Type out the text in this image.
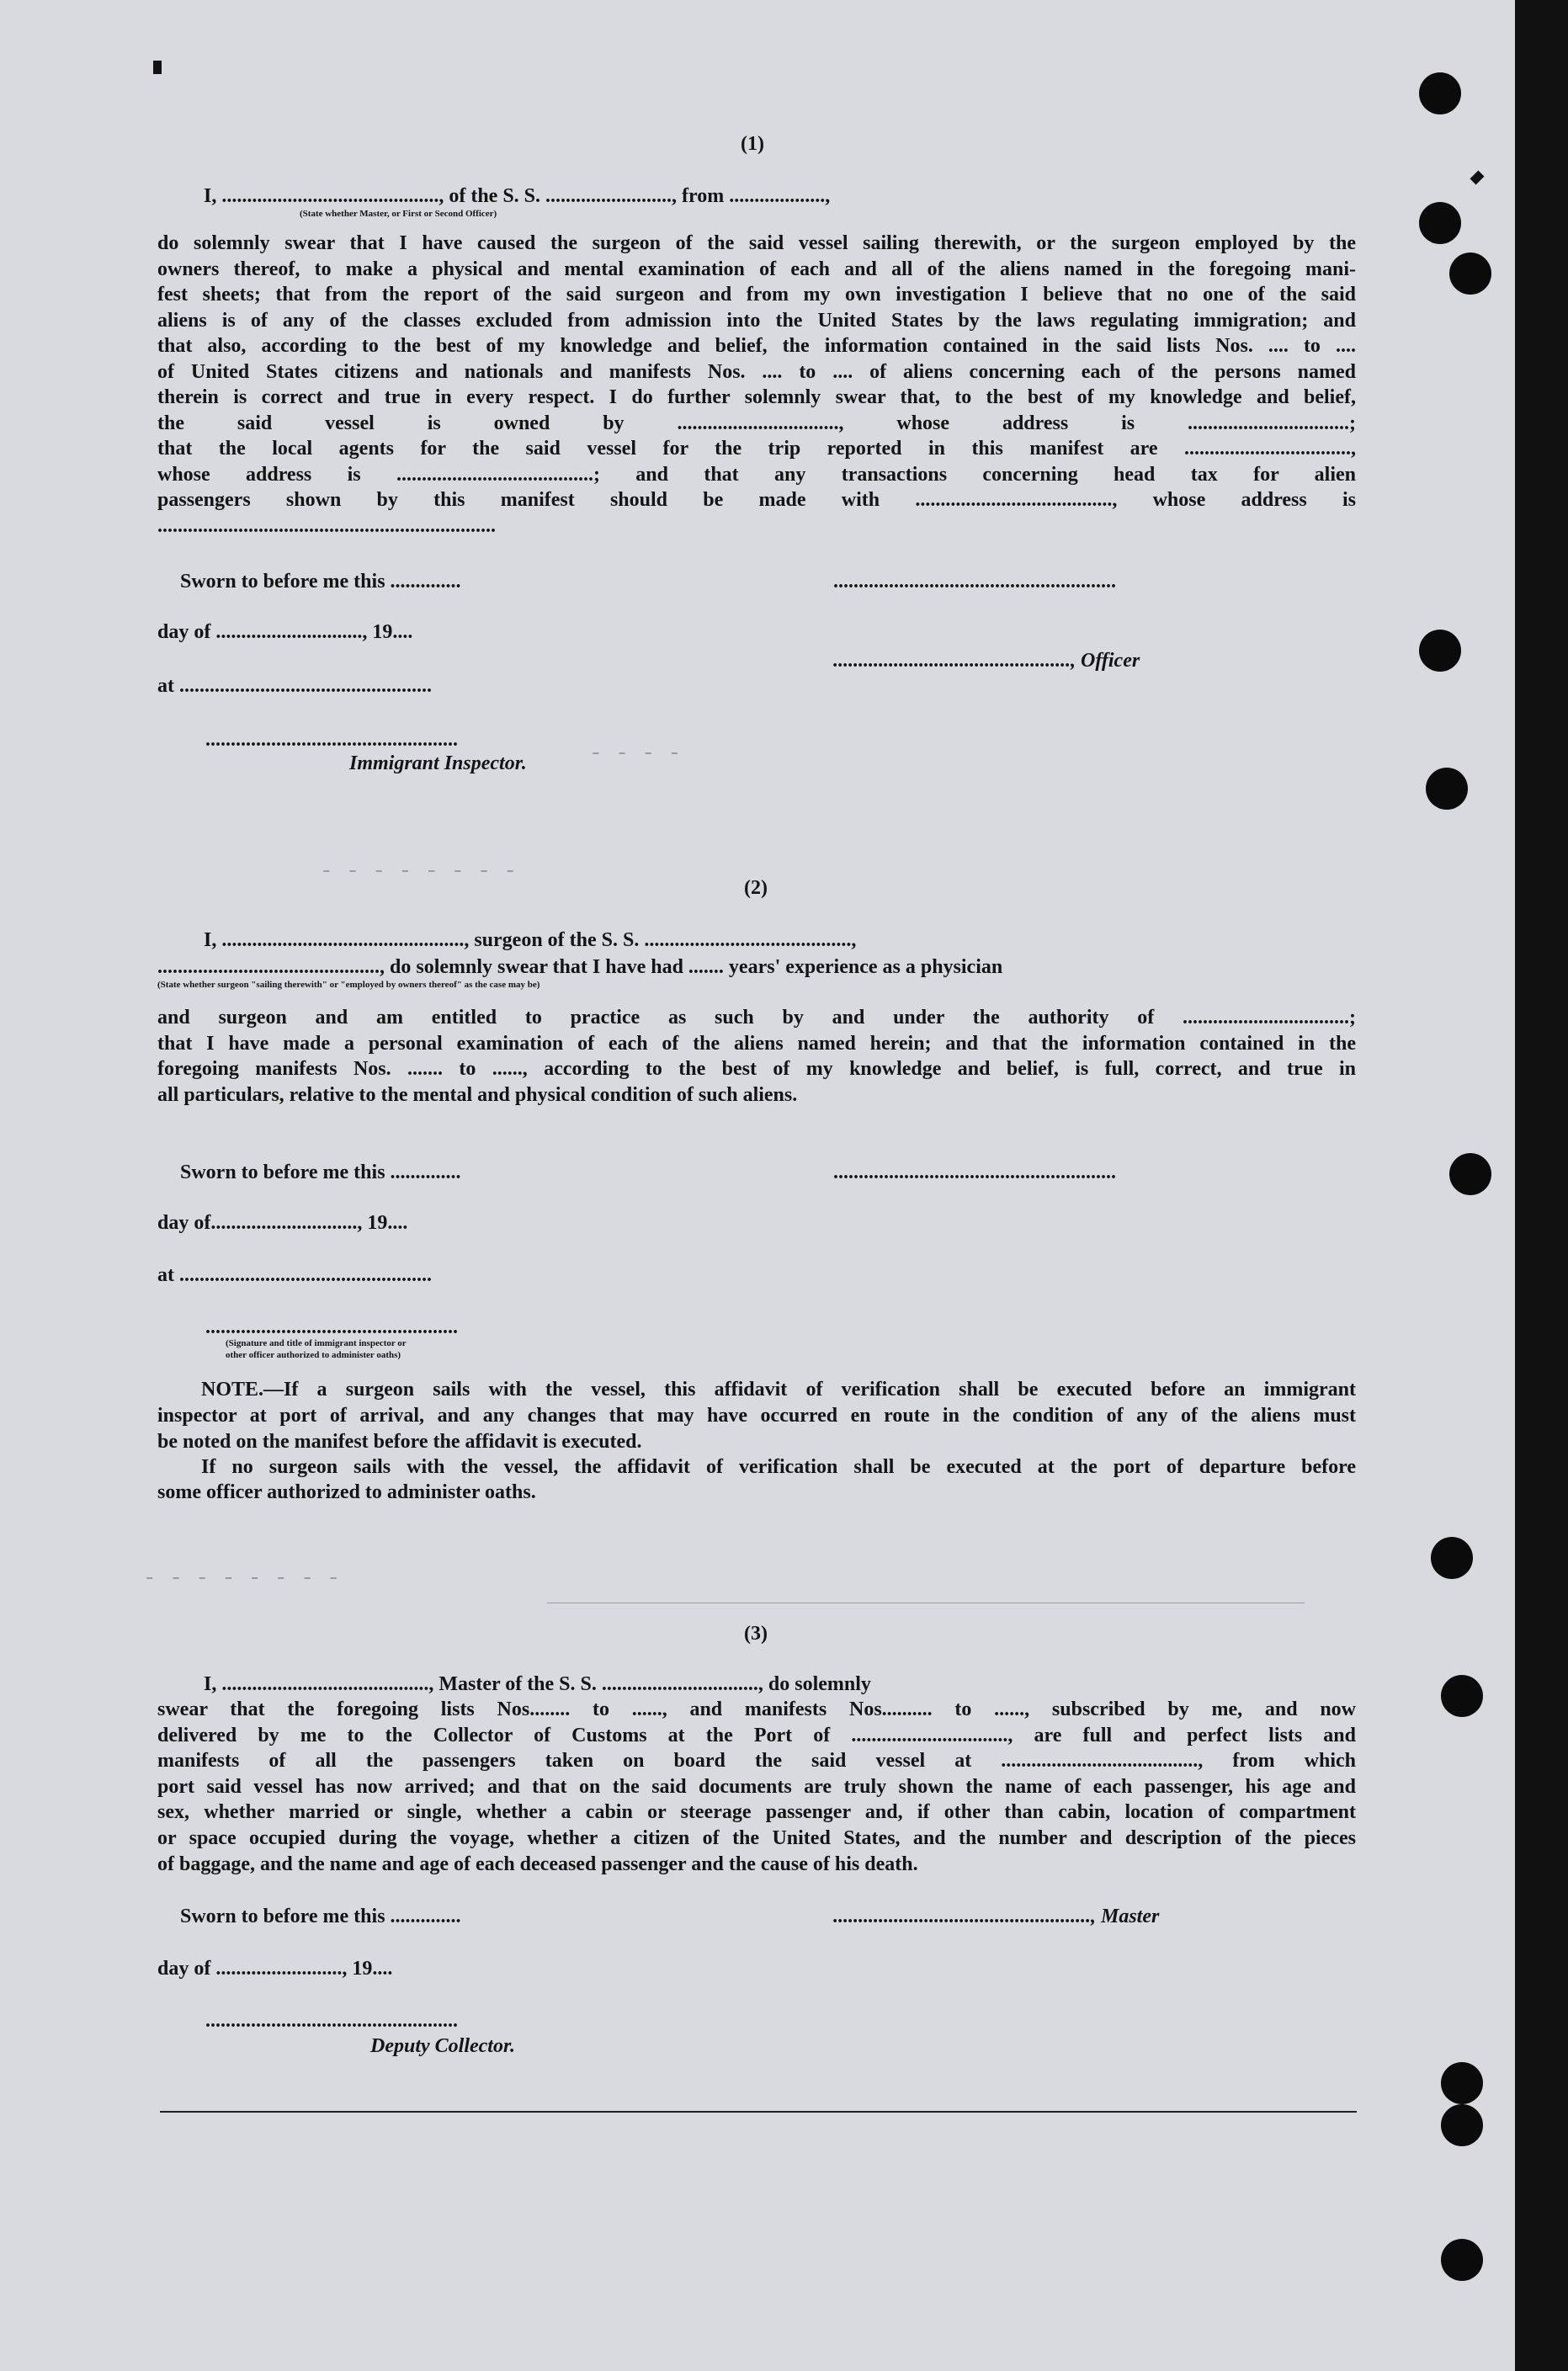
- - - -
- - - - - - - -
- - - - - - - -
(1)
I, ..........................................., of the S. S. ........................., from ...................,
(State whether Master, or First or Second Officer)
do solemnly swear that I have caused the surgeon of the said vessel sailing therewith, or the surgeon employed by the
owners thereof, to make a physical and mental examination of each and all of the aliens named in the foregoing mani-
fest sheets; that from the report of the said surgeon and from my own investigation I believe that no one of the said
aliens is of any of the classes excluded from admission into the United States by the laws regulating immigration; and
that also, according to the best of my knowledge and belief, the information contained in the said lists Nos. .... to ....
of United States citizens and nationals and manifests Nos. .... to .... of aliens concerning each of the persons named
therein is correct and true in every respect. I do further solemnly swear that, to the best of my knowledge and belief,
the said vessel is owned by ................................, whose address is ................................;
that the local agents for the said vessel for the trip reported in this manifest are .................................,
whose address is .......................................; and that any transactions concerning head tax for alien
passengers shown by this manifest should be made with ......................................., whose address is
...................................................................
Sworn to before me this ..............	........................................................
day of ............................., 19....
..............................................., Officer
at ..................................................
..................................................
Immigrant Inspector.
(2)
I, ................................................, surgeon of the S. S. .........................................,
............................................, do solemnly swear that I have had ....... years' experience as a physician
(State whether surgeon "sailing therewith" or "employed by owners thereof" as the case may be)
and surgeon and am entitled to practice as such by and under the authority of .................................;
that I have made a personal examination of each of the aliens named herein; and that the information contained in the
foregoing manifests Nos. ....... to ......, according to the best of my knowledge and belief, is full, correct, and true in
all particulars, relative to the mental and physical condition of such aliens.
Sworn to before me this ..............	........................................................
day of............................., 19....
at ..................................................
..................................................
(Signature and title of immigrant inspector or
other officer authorized to administer oaths)
NOTE.—If a surgeon sails with the vessel, this affidavit of verification shall be executed before an immigrant
inspector at port of arrival, and any changes that may have occurred en route in the condition of any of the aliens must
be noted on the manifest before the affidavit is executed.
If no surgeon sails with the vessel, the affidavit of verification shall be executed at the port of departure before
some officer authorized to administer oaths.
(3)
I, ........................................., Master of the S. S. ..............................., do solemnly
swear that the foregoing lists Nos........ to ......, and manifests Nos.......... to ......, subscribed by me, and now
delivered by me to the Collector of Customs at the Port of ..............................., are full and perfect lists and
manifests of all the passengers taken on board the said vessel at ......................................., from which
port said vessel has now arrived; and that on the said documents are truly shown the name of each passenger, his age and
sex, whether married or single, whether a cabin or steerage passenger and, if other than cabin, location of compartment
or space occupied during the voyage, whether a citizen of the United States, and the number and description of the pieces
of baggage, and the name and age of each deceased passenger and the cause of his death.
Sworn to before me this ..............	..................................................., Master
day of ........................., 19....
..................................................
Deputy Collector.
